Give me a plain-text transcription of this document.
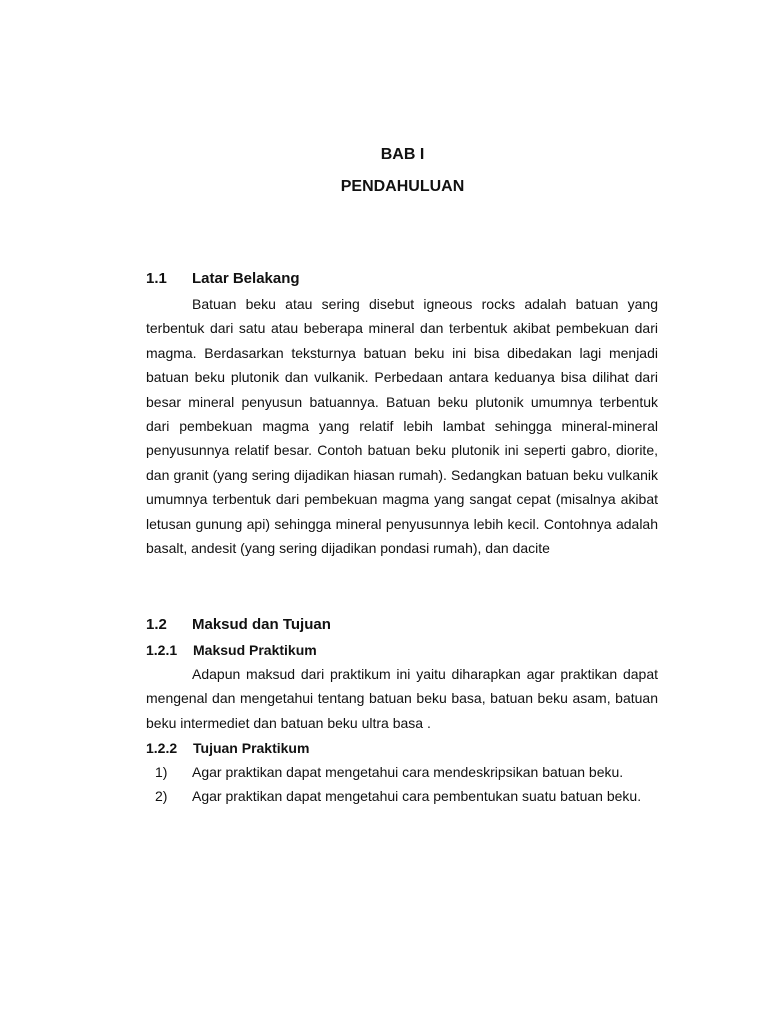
BAB I
PENDAHULUAN
1.1 Latar Belakang

Batuan beku atau sering disebut igneous rocks adalah batuan yang terbentuk dari satu atau beberapa mineral dan terbentuk akibat pembekuan dari magma. Berdasarkan teksturnya batuan beku ini bisa dibedakan lagi menjadi batuan beku plutonik dan vulkanik. Perbedaan antara keduanya bisa dilihat dari besar mineral penyusun batuannya. Batuan beku plutonik umumnya terbentuk dari pembekuan magma yang relatif lebih lambat sehingga mineral-mineral penyusunnya relatif besar. Contoh batuan beku plutonik ini seperti gabro, diorite, dan granit (yang sering dijadikan hiasan rumah). Sedangkan batuan beku vulkanik umumnya terbentuk dari pembekuan magma yang sangat cepat (misalnya akibat letusan gunung api) sehingga mineral penyusunnya lebih kecil. Contohnya adalah basalt, andesit (yang sering dijadikan pondasi rumah), dan dacite

1.2 Maksud dan Tujuan
1.2.1 Maksud Praktikum

Adapun maksud dari praktikum ini yaitu diharapkan agar praktikan dapat mengenal dan mengetahui tentang batuan beku basa, batuan beku asam, batuan beku intermediet dan batuan beku ultra basa .

1.2.2 Tujuan Praktikum
1) Agar praktikan dapat mengetahui cara mendeskripsikan batuan beku.
2) Agar praktikan dapat mengetahui cara pembentukan suatu batuan beku.
